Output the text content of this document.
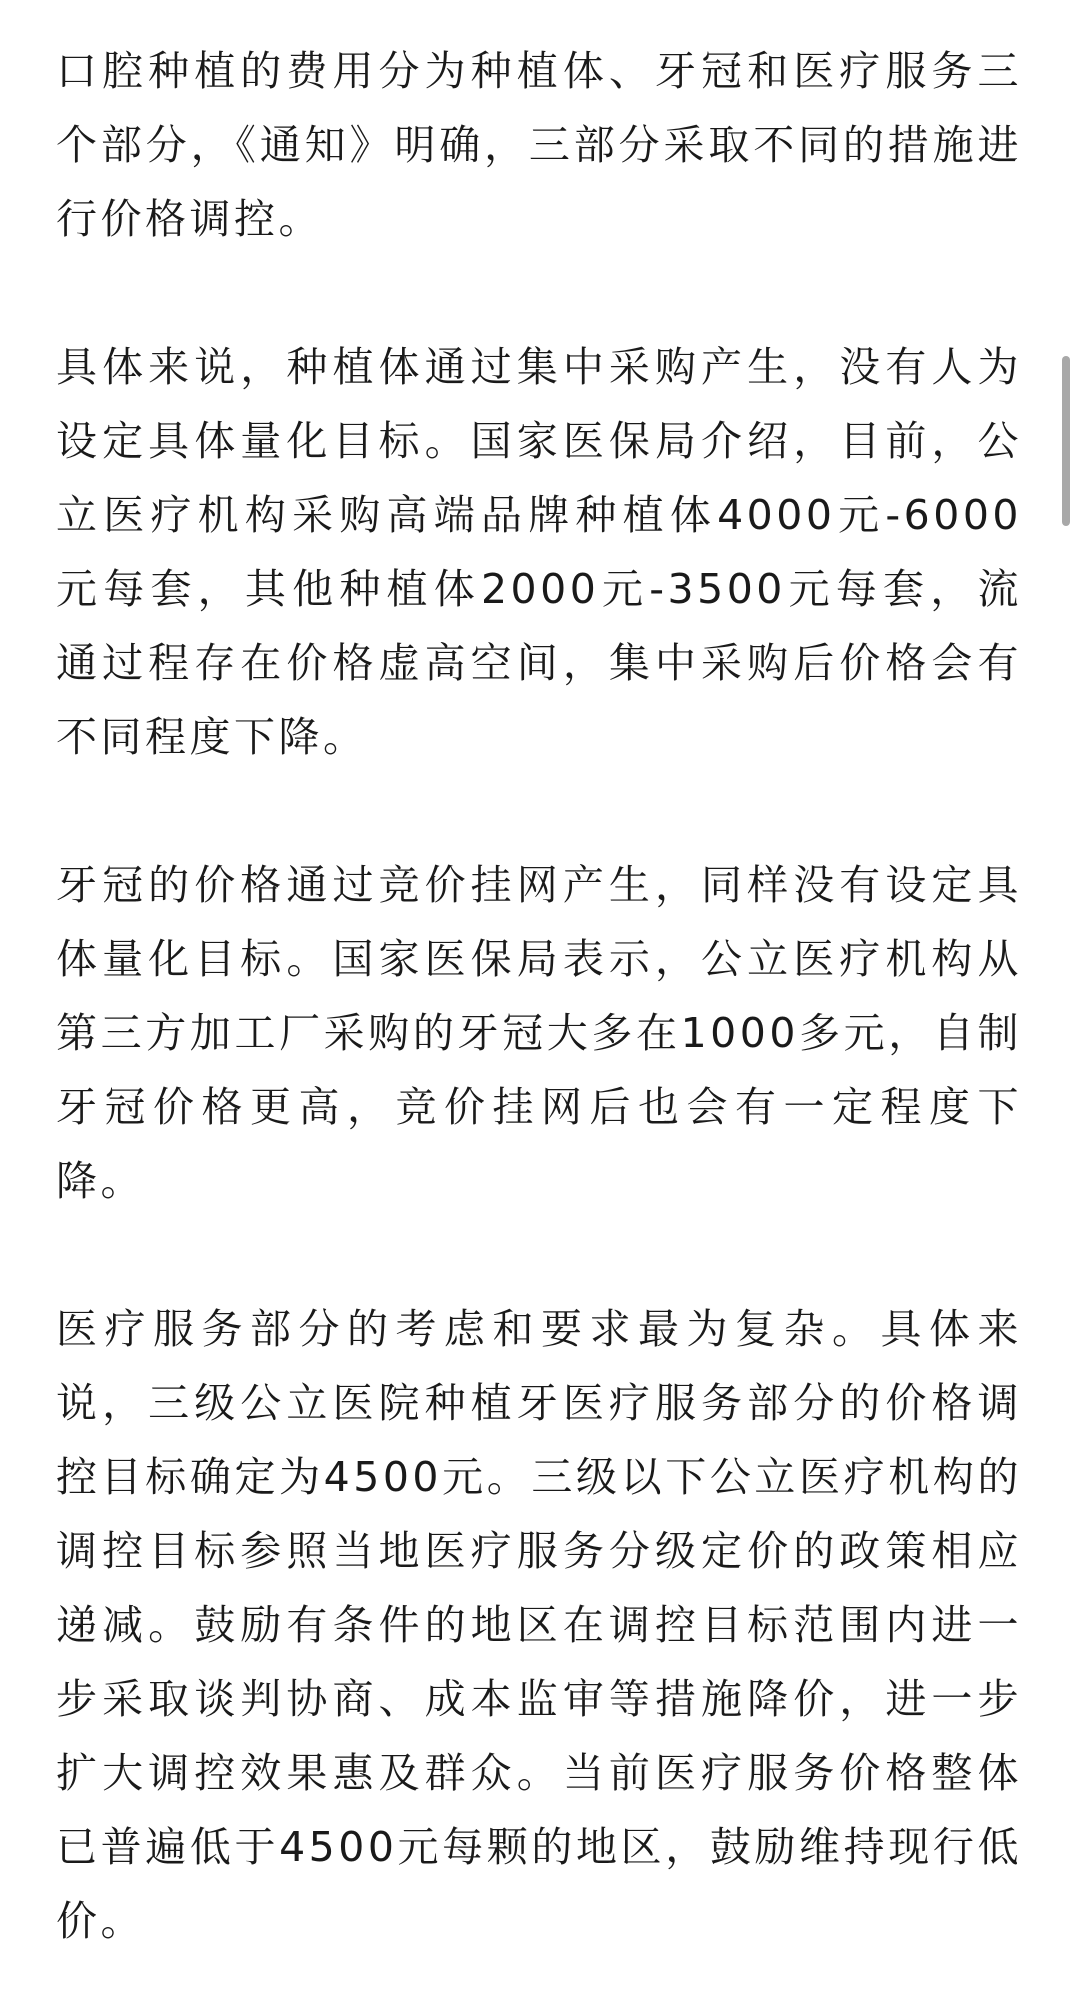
口腔种植的费用分为种植体、牙冠和医疗服务三个部分，《通知》明确，三部分采取不同的措施进行价格调控。

具体来说，种植体通过集中采购产生，没有人为设定具体量化目标。国家医保局介绍，目前，公立医疗机构采购高端品牌种植体4000元-6000元每套，其他种植体2000元-3500元每套，流通过程存在价格虚高空间，集中采购后价格会有不同程度下降。

牙冠的价格通过竞价挂网产生，同样没有设定具体量化目标。国家医保局表示，公立医疗机构从第三方加工厂采购的牙冠大多在1000多元，自制牙冠价格更高，竞价挂网后也会有一定程度下降。

医疗服务部分的考虑和要求最为复杂。具体来说，三级公立医院种植牙医疗服务部分的价格调控目标确定为4500元。三级以下公立医疗机构的调控目标参照当地医疗服务分级定价的政策相应递减。鼓励有条件的地区在调控目标范围内进一步采取谈判协商、成本监审等措施降价，进一步扩大调控效果惠及群众。当前医疗服务价格整体已普遍低于4500元每颗的地区，鼓励维持现行低价。
